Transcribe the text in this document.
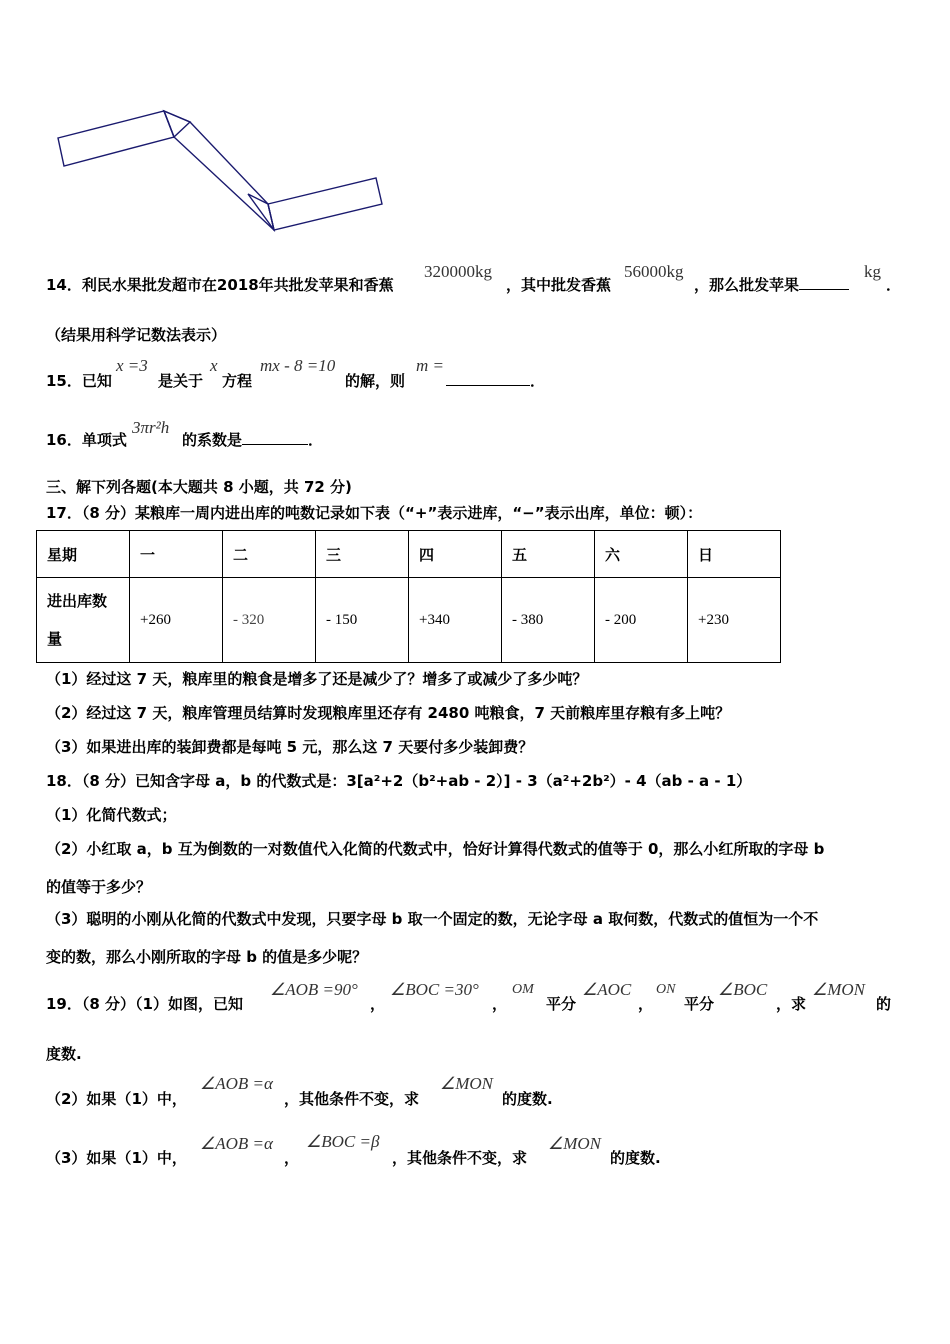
14．利民水果批发超市在2018年共批发苹果和香蕉
320000kg
，其中批发香蕉
56000kg
，那么批发苹果
kg
．
（结果用科学记数法表示）
15．已知
x =3
是关于
x
方程
mx - 8 =10
的解，则
m =
．
16．单项式
3πr²h
的系数是	．
三、解下列各题(本大题共 8 小题，共 72 分)
17．（8 分）某粮库一周内进出库的吨数记录如下表（“+”表示进库，“−”表示出库，单位：顿）：
星期	一	二	三	四	五	六	日

进出库数
量	+260	- 320	- 150	+340	- 380	- 200	+230
（1）经过这 7 天，粮库里的粮食是增多了还是减少了？增多了或减少了多少吨？
（2）经过这 7 天，粮库管理员结算时发现粮库里还存有 2480 吨粮食，7 天前粮库里存粮有多上吨？
（3）如果进出库的装卸费都是每吨 5 元，那么这 7 天要付多少装卸费？
18．（8 分）已知含字母 a，b 的代数式是：3[a²+2（b²+ab - 2）] - 3（a²+2b²）- 4（ab - a - 1）
（1）化简代数式；
（2）小红取 a，b 互为倒数的一对数值代入化简的代数式中，恰好计算得代数式的值等于 0，那么小红所取的字母 b
的值等于多少？
（3）聪明的小刚从化简的代数式中发现，只要字母 b 取一个固定的数，无论字母 a 取何数，代数式的值恒为一个不
变的数，那么小刚所取的字母 b 的值是多少呢？
19．（8 分）（1）如图，已知
∠AOB =90°
，
∠BOC =30°
，
OM
平分
∠AOC
，
ON
平分
∠BOC
，求
∠MON
的
度数.
（2）如果（1）中，
∠AOB =α
，其他条件不变，求
∠MON
的度数.
（3）如果（1）中，
∠AOB =α
，
∠BOC =β
，其他条件不变，求
∠MON
的度数.
